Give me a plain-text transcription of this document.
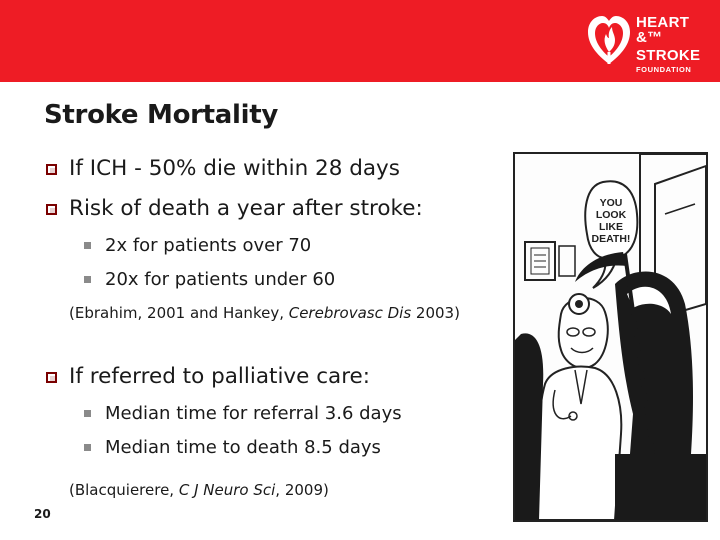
HEART &™
STROKE
FOUNDATION
Stroke Mortality
If ICH - 50% die within 28 days
Risk of death a year after stroke:
2x for patients over 70
20x for patients under 60
(Ebrahim, 2001 and Hankey, Cerebrovasc Dis 2003)
If referred to palliative care:
Median time for referral 3.6 days
Median time to death 8.5 days
(Blacquierere, C J Neuro Sci, 2009)
YOU
LOOK
LIKE
DEATH!
20
